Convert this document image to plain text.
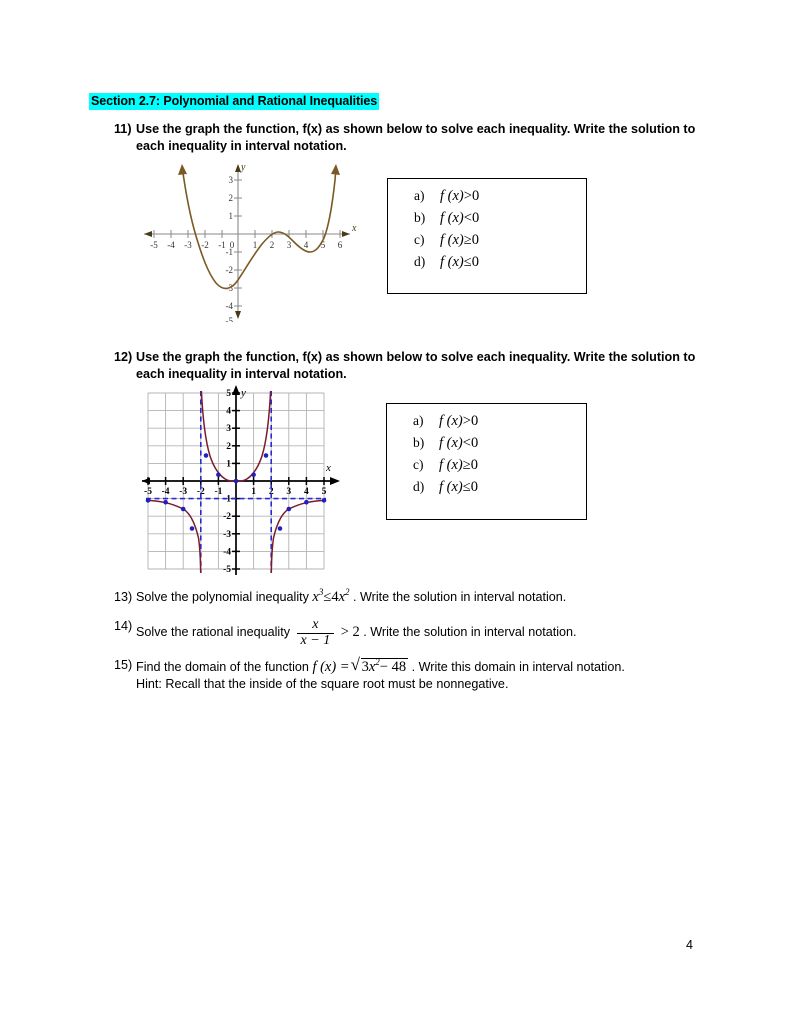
Section 2.7: Polynomial and Rational Inequalities
11) Use the graph the function, f(x) as shown below to solve each inequality. Write the solution to
each inequality in interval notation.
-5 -4 -3 -2 -1 0 1 2 3 4 5 6
3
2
1
-1
-2
-3
-4
-5
x
y
a)	f (x)>0
b)	f (x)<0
c)	f (x)≥0
d)	f (x)≤0
12) Use the graph the function, f(x) as shown below to solve each inequality. Write the solution to
each inequality in interval notation.
-5 -4 -3 -2 -1	1 2 3 4 5
5
4
3
2
1
-1
-2
-3
-4
-5
x
y
a)	f (x)>0
b)	f (x)<0
c)	f (x)≥0
d)	f (x)≤0
13) Solve the polynomial inequality $x^3\le 4x^2$ . Write the solution in interval notation.
14) Solve the rational inequality $\frac{x}{x - 1} > 2$ . Write the solution in interval notation.
15) Find the domain of the function f (x) = √ $3x^2- 48$ . Write this domain in interval notation.
Hint: Recall that the inside of the square root must be nonnegative.
4
